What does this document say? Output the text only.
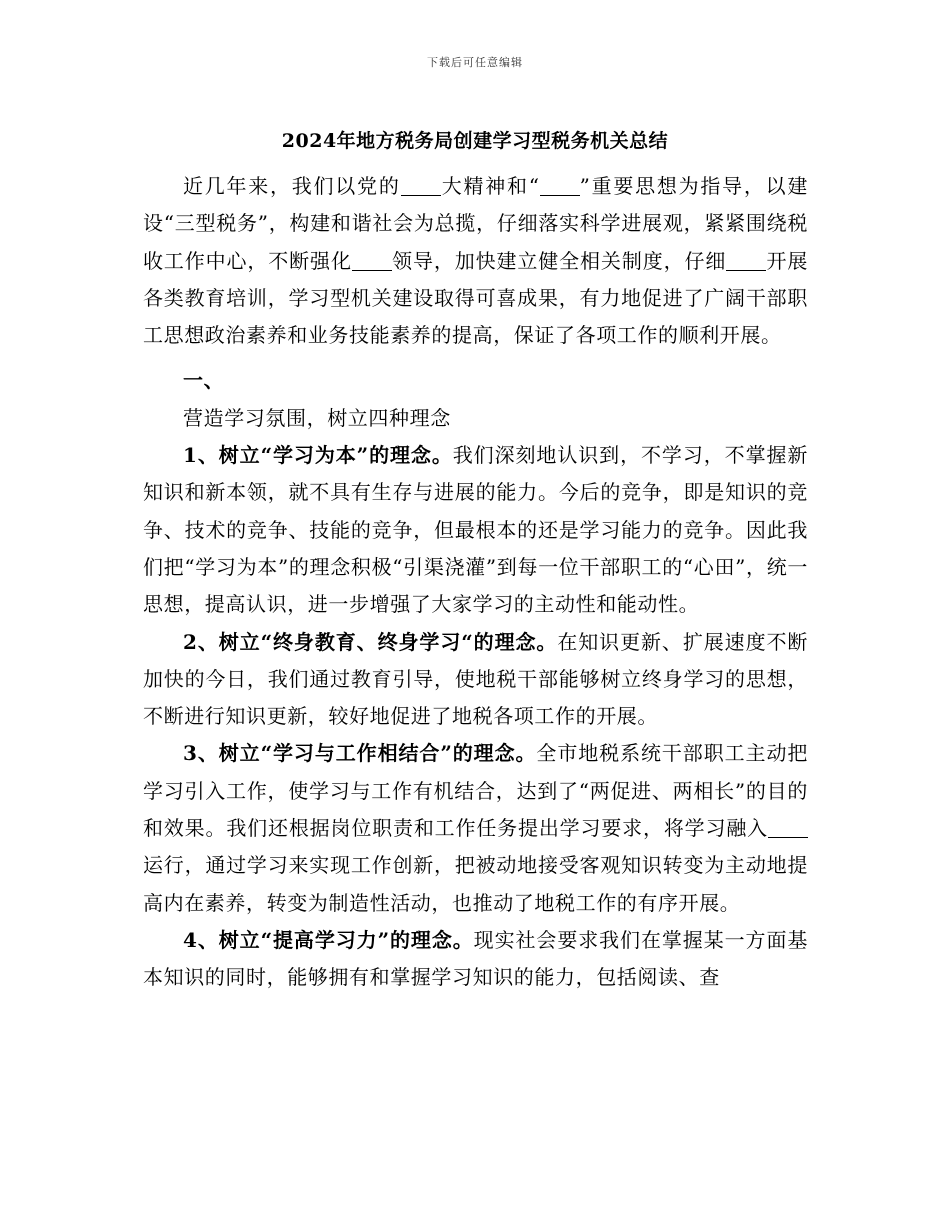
下载后可任意编辑
2024年地方税务局创建学习型税务机关总结

近几年来，我们以党的 大精神和“ ”重要思想为指导，以建设“三型税务”，构建和谐社会为总揽，仔细落实科学进展观，紧紧围绕税收工作中心，不断强化 领导，加快建立健全相关制度，仔细 开展各类教育培训，学习型机关建设取得可喜成果，有力地促进了广阔干部职工思想政治素养和业务技能素养的提高，保证了各项工作的顺利开展。

一、

营造学习氛围，树立四种理念

1、树立“学习为本”的理念。我们深刻地认识到，不学习，不掌握新知识和新本领，就不具有生存与进展的能力。今后的竞争，即是知识的竞争、技术的竞争、技能的竞争，但最根本的还是学习能力的竞争。因此我们把“学习为本”的理念积极“引渠浇灌”到每一位干部职工的“心田”，统一思想，提高认识，进一步增强了大家学习的主动性和能动性。

2、树立“终身教育、终身学习“的理念。在知识更新、扩展速度不断加快的今日，我们通过教育引导，使地税干部能够树立终身学习的思想，不断进行知识更新，较好地促进了地税各项工作的开展。

3、树立“学习与工作相结合”的理念。全市地税系统干部职工主动把学习引入工作，使学习与工作有机结合，达到了“两促进、两相长”的目的和效果。我们还根据岗位职责和工作任务提出学习要求，将学习融入运行，通过学习来实现工作创新，把被动地接受客观知识转变为主动地提高内在素养，转变为制造性活动，也推动了地税工作的有序开展。

4、树立“提高学习力”的理念。现实社会要求我们在掌握某一方面基本知识的同时，能够拥有和掌握学习知识的能力，包括阅读、查
